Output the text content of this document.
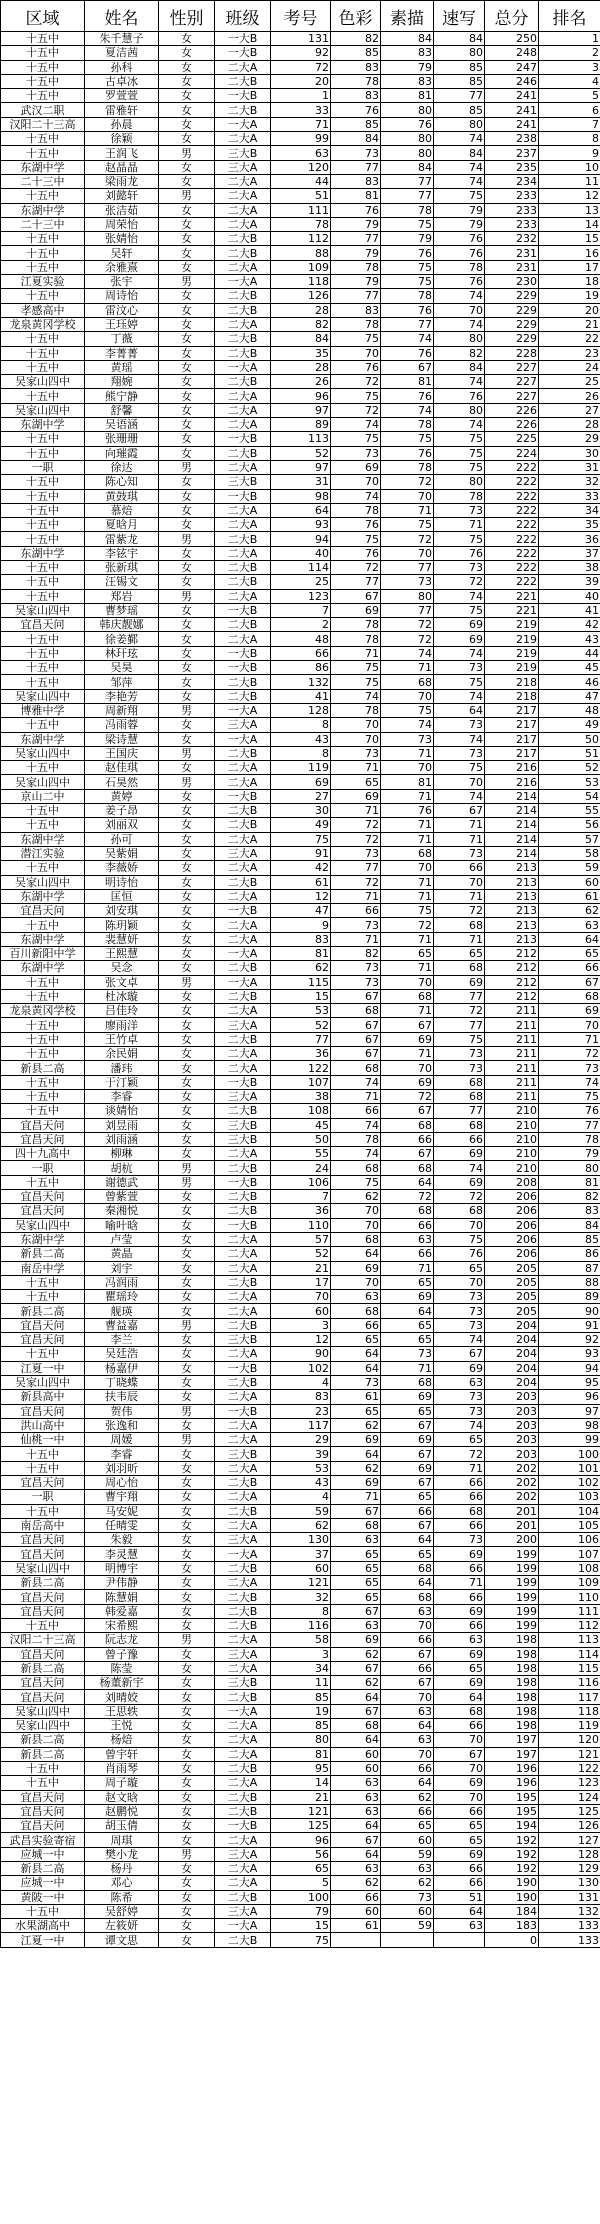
区域	姓名	性别	班级	考号	色彩	素描	速写	总分	排名
十五中	朱千慧子	女	一大B	131	82	84	84	250	1
十五中	夏洁茜	女	一大B	92	85	83	80	248	2
十五中	孙科	女	二大A	72	83	79	85	247	3
十五中	古卓冰	女	二大B	20	78	83	85	246	4
十五中	罗萱萱	女	一大B	1	83	81	77	241	5
武汉二职	雷雅轩	女	二大B	33	76	80	85	241	6
汉阳二十三高	孙晨	女	一大A	71	85	76	80	241	7
十五中	徐颖	女	二大A	99	84	80	74	238	8
十五中	王润飞	男	三大B	63	73	80	84	237	9
东湖中学	赵晶晶	女	三大A	120	77	84	74	235	10
二十三中	梁雨龙	女	二大A	44	83	77	74	234	11
十五中	刘懿轩	男	二大A	51	81	77	75	233	12
东湖中学	张洁茹	女	二大A	111	76	78	79	233	13
二十三中	周荣怡	女	二大A	78	79	75	79	233	14
十五中	张婧怡	女	二大B	112	77	79	76	232	15
十五中	吴轩	女	二大B	88	79	76	76	231	16
十五中	余雅熹	女	二大A	109	78	75	78	231	17
江夏实验	张宇	男	一大A	118	79	75	76	230	18
十五中	周诗怡	女	二大B	126	77	78	74	229	19
孝感高中	雷汶心	女	二大B	28	83	76	70	229	20
龙泉黄冈学校	王珏婷	女	二大A	82	78	77	74	229	21
十五中	丁薇	女	二大B	84	75	74	80	229	22
十五中	李菁菁	女	二大B	35	70	76	82	228	23
十五中	黄瑶	女	一大A	28	76	67	84	227	24
吴家山四中	翔婉	女	二大B	26	72	81	74	227	25
十五中	熊宁静	女	二大A	96	75	76	76	227	26
吴家山四中	舒馨	女	二大A	97	72	74	80	226	27
东湖中学	吴语涵	女	二大A	89	74	78	74	226	28
十五中	张珊珊	女	一大B	113	75	75	75	225	29
十五中	向璀霞	女	二大B	52	73	76	75	224	30
一职	徐达	男	二大A	97	69	78	75	222	31
十五中	陈心知	女	三大B	31	70	72	80	222	32
十五中	黄鼓琪	女	一大B	98	74	70	78	222	33
十五中	慕焙	女	二大A	64	78	71	73	222	34
十五中	夏晗月	女	二大A	93	76	75	71	222	35
十五中	雷紫龙	男	二大B	94	75	72	75	222	36
东湖中学	李铉宇	女	二大A	40	76	70	76	222	37
十五中	张新琪	女	二大B	114	72	77	73	222	38
十五中	汪锡文	女	二大B	25	77	73	72	222	39
十五中	郑岩	男	二大A	123	67	80	74	221	40
吴家山四中	曹梦瑶	女	一大B	7	69	77	75	221	41
宜昌天问	韩庆靓娜	女	二大B	2	78	72	69	219	42
十五中	徐姜鄞	女	二大A	48	78	72	69	219	43
十五中	林玕玹	女	一大B	66	71	74	74	219	44
十五中	吴昊	女	一大B	86	75	71	73	219	45
十五中	邹萍	女	二大B	132	75	68	75	218	46
吴家山四中	李艳芳	女	二大B	41	74	70	74	218	47
博雅中学	周新翔	男	一大A	128	78	75	64	217	48
十五中	冯雨蓉	女	三大A	8	70	74	73	217	49
东湖中学	梁诗慧	女	一大A	43	70	73	74	217	50
吴家山四中	王国庆	男	二大B	8	73	71	73	217	51
十五中	赵佳琪	女	二大A	119	71	70	75	216	52
吴家山四中	石昊然	男	二大A	69	65	81	70	216	53
京山二中	黄婷	女	一大B	27	69	71	74	214	54
十五中	姜子昂	女	二大B	30	71	76	67	214	55
十五中	刘丽双	女	二大B	49	72	71	71	214	56
东湖中学	孙可	女	二大A	75	72	71	71	214	57
潜江实验	吴紫娟	女	三大A	91	73	68	73	214	58
十五中	李薇娇	女	二大A	42	77	70	66	213	59
吴家山四中	明诗怡	女	二大B	61	72	71	70	213	60
东湖中学	匡恒	女	二大A	12	71	71	71	213	61
宜昌天问	刘安琪	女	一大B	47	66	75	72	213	62
十五中	陈玥颖	女	二大A	9	73	72	68	213	63
东湖中学	裴慧妍	女	二大A	83	71	71	71	213	64
百川新阳中学	王熙慧	女	一大A	81	82	65	65	212	65
东湖中学	吴念	女	二大B	62	73	71	68	212	66
十五中	张文卓	男	一大A	115	73	70	69	212	67
十五中	杜冰璇	女	二大B	15	67	68	77	212	68
龙泉黄冈学校	吕佳玲	女	二大A	53	68	71	72	211	69
十五中	廖雨洋	女	三大A	52	67	67	77	211	70
十五中	王竹卓	女	二大B	77	67	69	75	211	71
十五中	余民娟	女	二大A	36	67	71	73	211	72
新县二高	潘玮	女	二大A	122	68	70	73	211	73
十五中	于汀颖	女	一大B	107	74	69	68	211	74
十五中	李睿	女	三大A	38	71	72	68	211	75
十五中	谈婧怡	女	二大B	108	66	67	77	210	76
宜昌天问	刘昱雨	女	三大B	45	74	68	68	210	77
宜昌天问	刘雨涵	女	三大B	50	78	66	66	210	78
四十九高中	柳琳	女	二大A	55	74	67	69	210	79
一职	胡杭	男	二大B	24	68	68	74	210	80
十五中	谢德武	男	一大B	106	75	64	69	208	81
宜昌天问	曾紫萱	女	二大B	7	62	72	72	206	82
宜昌天问	秦湘悦	女	二大B	36	70	68	68	206	83
吴家山四中	喻叶晗	女	一大B	110	70	66	70	206	84
东湖中学	卢莹	女	二大A	57	68	63	75	206	85
新县二高	黄晶	女	二大A	52	64	66	76	206	86
南岳中学	刘宇	女	二大A	21	69	71	65	205	87
十五中	冯润雨	女	二大B	17	70	65	70	205	88
十五中	瞿瑶玲	女	二大A	70	63	69	73	205	89
新县二高	舰瑛	女	二大A	60	68	64	73	205	90
宜昌天问	曹益嘉	男	二大B	3	66	65	73	204	91
宜昌天问	李兰	女	三大B	12	65	65	74	204	92
十五中	吴廷浩	女	二大A	90	64	73	67	204	93
江夏一中	杨嘉伊	女	一大B	102	64	71	69	204	94
吴家山四中	丁晓蝶	女	二大B	4	73	68	63	204	95
新县高中	扶韦辰	女	二大A	83	61	69	73	203	96
宜昌天问	贺伟	男	一大B	23	65	65	73	203	97
洪山高中	张逸和	女	二大A	117	62	67	74	203	98
仙桃一中	周媛	男	二大A	29	69	69	65	203	99
十五中	李睿	女	三大B	39	64	67	72	203	100
十五中	刘羽昕	女	二大A	53	62	69	71	202	101
宜昌天问	周心怡	女	二大B	43	69	67	66	202	102
一职	曹宇翔	女	二大A	4	71	65	66	202	103
十五中	马安妮	女	二大B	59	67	66	68	201	104
南岳高中	任晴雯	女	二大A	62	68	67	66	201	105
宜昌天问	朱毅	女	三大A	130	63	64	73	200	106
宜昌天问	李灵慧	女	一大A	37	65	65	69	199	107
吴家山四中	明博宇	女	二大B	60	65	68	66	199	108
新县二高	尹伟静	女	二大A	121	65	64	71	199	109
宜昌天问	陈慧娟	女	二大B	32	65	68	66	199	110
宜昌天问	韩爱嘉	女	二大B	8	67	63	69	199	111
十五中	宋希熙	女	二大B	116	63	70	66	199	112
汉阳二十三高	阮志龙	男	二大A	58	69	66	63	198	113
宜昌天问	曾子豫	女	三大A	3	62	67	69	198	114
新县二高	陈莹	女	二大A	34	67	66	65	198	115
宜昌天问	杨董新宇	女	三大B	11	62	67	69	198	116
宜昌天问	刘晴姣	女	二大B	85	64	70	64	198	117
吴家山四中	王思轶	女	一大A	19	67	63	68	198	118
吴家山四中	王悦	女	二大A	85	68	64	66	198	119
新县二高	杨焙	女	二大A	80	64	63	70	197	120
新县二高	曾宇轩	女	二大A	81	60	70	67	197	121
十五中	肖雨琴	女	二大B	95	60	66	70	196	122
十五中	周子璇	女	二大A	14	63	64	69	196	123
宜昌天问	赵文晗	女	二大B	21	63	62	70	195	124
宜昌天问	赵鹏悦	女	二大B	121	63	66	66	195	125
宜昌天问	胡玉倩	女	一大B	125	64	65	65	194	126
武昌实验寄宿	周琪	女	二大A	96	67	60	65	192	127
应城一中	樊小龙	男	三大A	56	64	59	69	192	128
新县二高	杨丹	女	二大A	65	63	63	66	192	129
应城一中	邓心	女	二大A	5	62	62	66	190	130
黄陂一中	陈希	女	二大B	100	66	73	51	190	131
十五中	吴舒婷	女	三大A	79	60	60	64	184	132
水果湖高中	左筱妍	女	一大A	15	61	59	63	183	133
江夏一中	谭文思	女	二大B	75				0	133
